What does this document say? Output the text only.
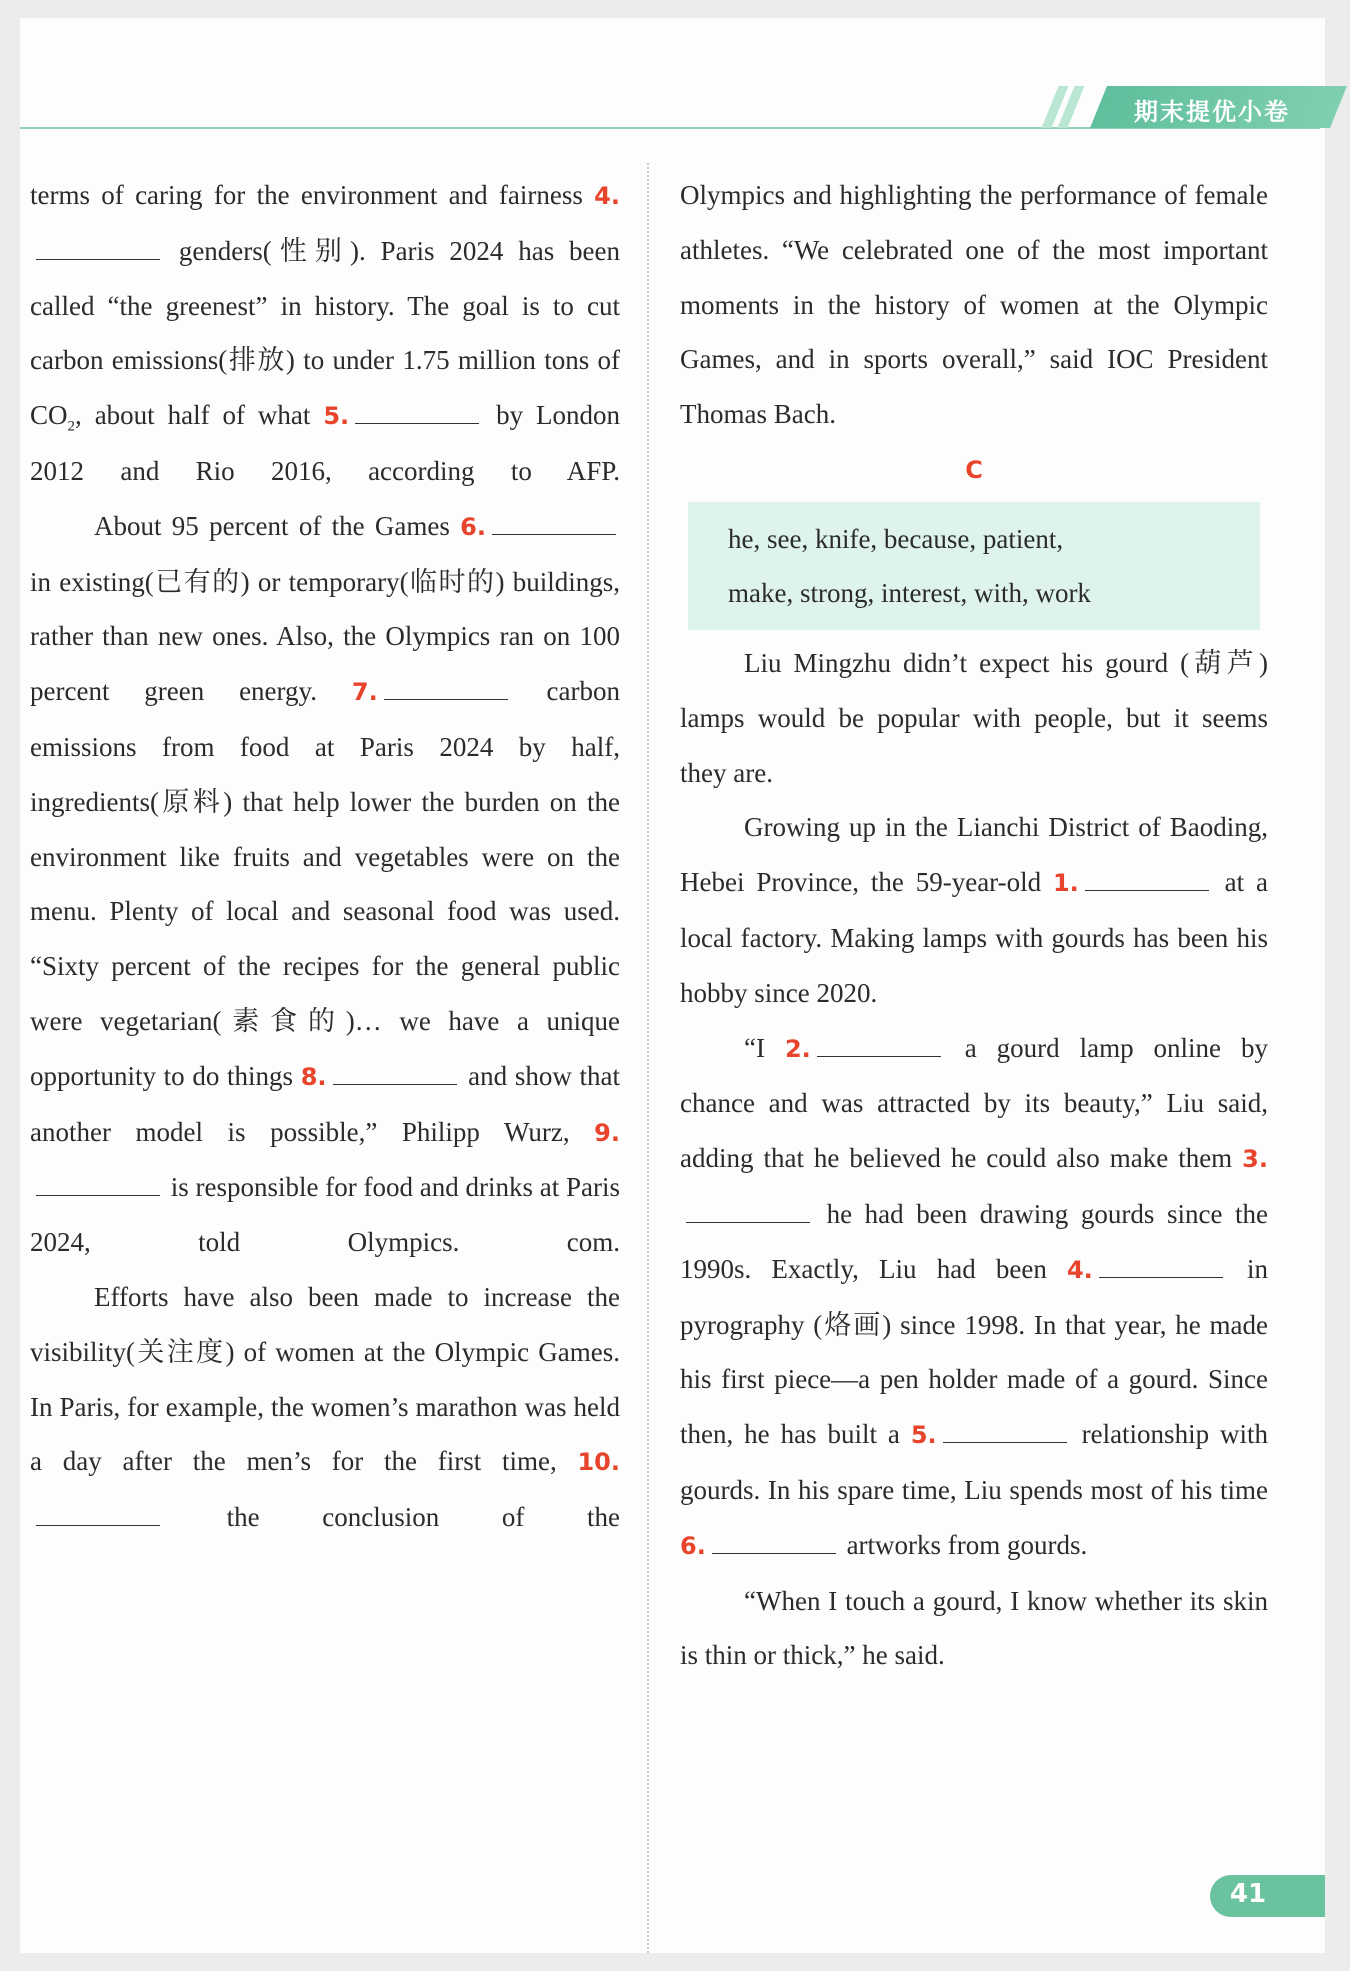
期末提优小卷

terms of caring for the environment and fairness 4. genders(性别). Paris 2024 has been called “the greenest” in history. The goal is to cut carbon emissions(排放) to under 1.75 million tons of $CO_2$, about half of what 5.	by London 2012 and Rio 2016, according to AFP.

About 95 percent of the Games 6. in existing(已有的) or temporary(临时的) buildings, rather than new ones. Also, the Olympics ran on 100 percent green energy. 7.	carbon emissions from food at Paris 2024 by half, ingredients(原料) that help lower the burden on the environment like fruits and vegetables were on the menu. Plenty of local and seasonal food was used. “Sixty percent of the recipes for the general public were vegetarian(素食的)… we have a unique opportunity to do things 8.	and show that another model is possible,” Philipp Wurz, 9. is responsible for food and drinks at Paris 2024, told Olympics. com.

Efforts have also been made to increase the visibility(关注度) of women at the Olympic Games. In Paris, for example, the women’s marathon was held a day after the men’s for the first time, 10. the conclusion of the

Olympics and highlighting the performance of female athletes. “We celebrated one of the most important moments in the history of women at the Olympic Games, and in sports overall,” said IOC President Thomas Bach.

C

he, see, knife, because, patient,
make, strong, interest, with, work

Liu Mingzhu didn’t expect his gourd (葫芦) lamps would be popular with people, but it seems they are.

Growing up in the Lianchi District of Baoding, Hebei Province, the 59-year-old 1.	at a local factory. Making lamps with gourds has been his hobby since 2020.

“I 2.	a gourd lamp online by chance and was attracted by its beauty,” Liu said, adding that he believed he could also make them 3. he had been drawing gourds since the 1990s. Exactly, Liu had been 4.	in pyrography (烙画) since 1998. In that year, he made his first piece—a pen holder made of a gourd. Since then, he has built a 5.	relationship with gourds. In his spare time, Liu spends most of his time 6.	artworks from gourds.

“When I touch a gourd, I know whether its skin is thin or thick,” he said.

41
